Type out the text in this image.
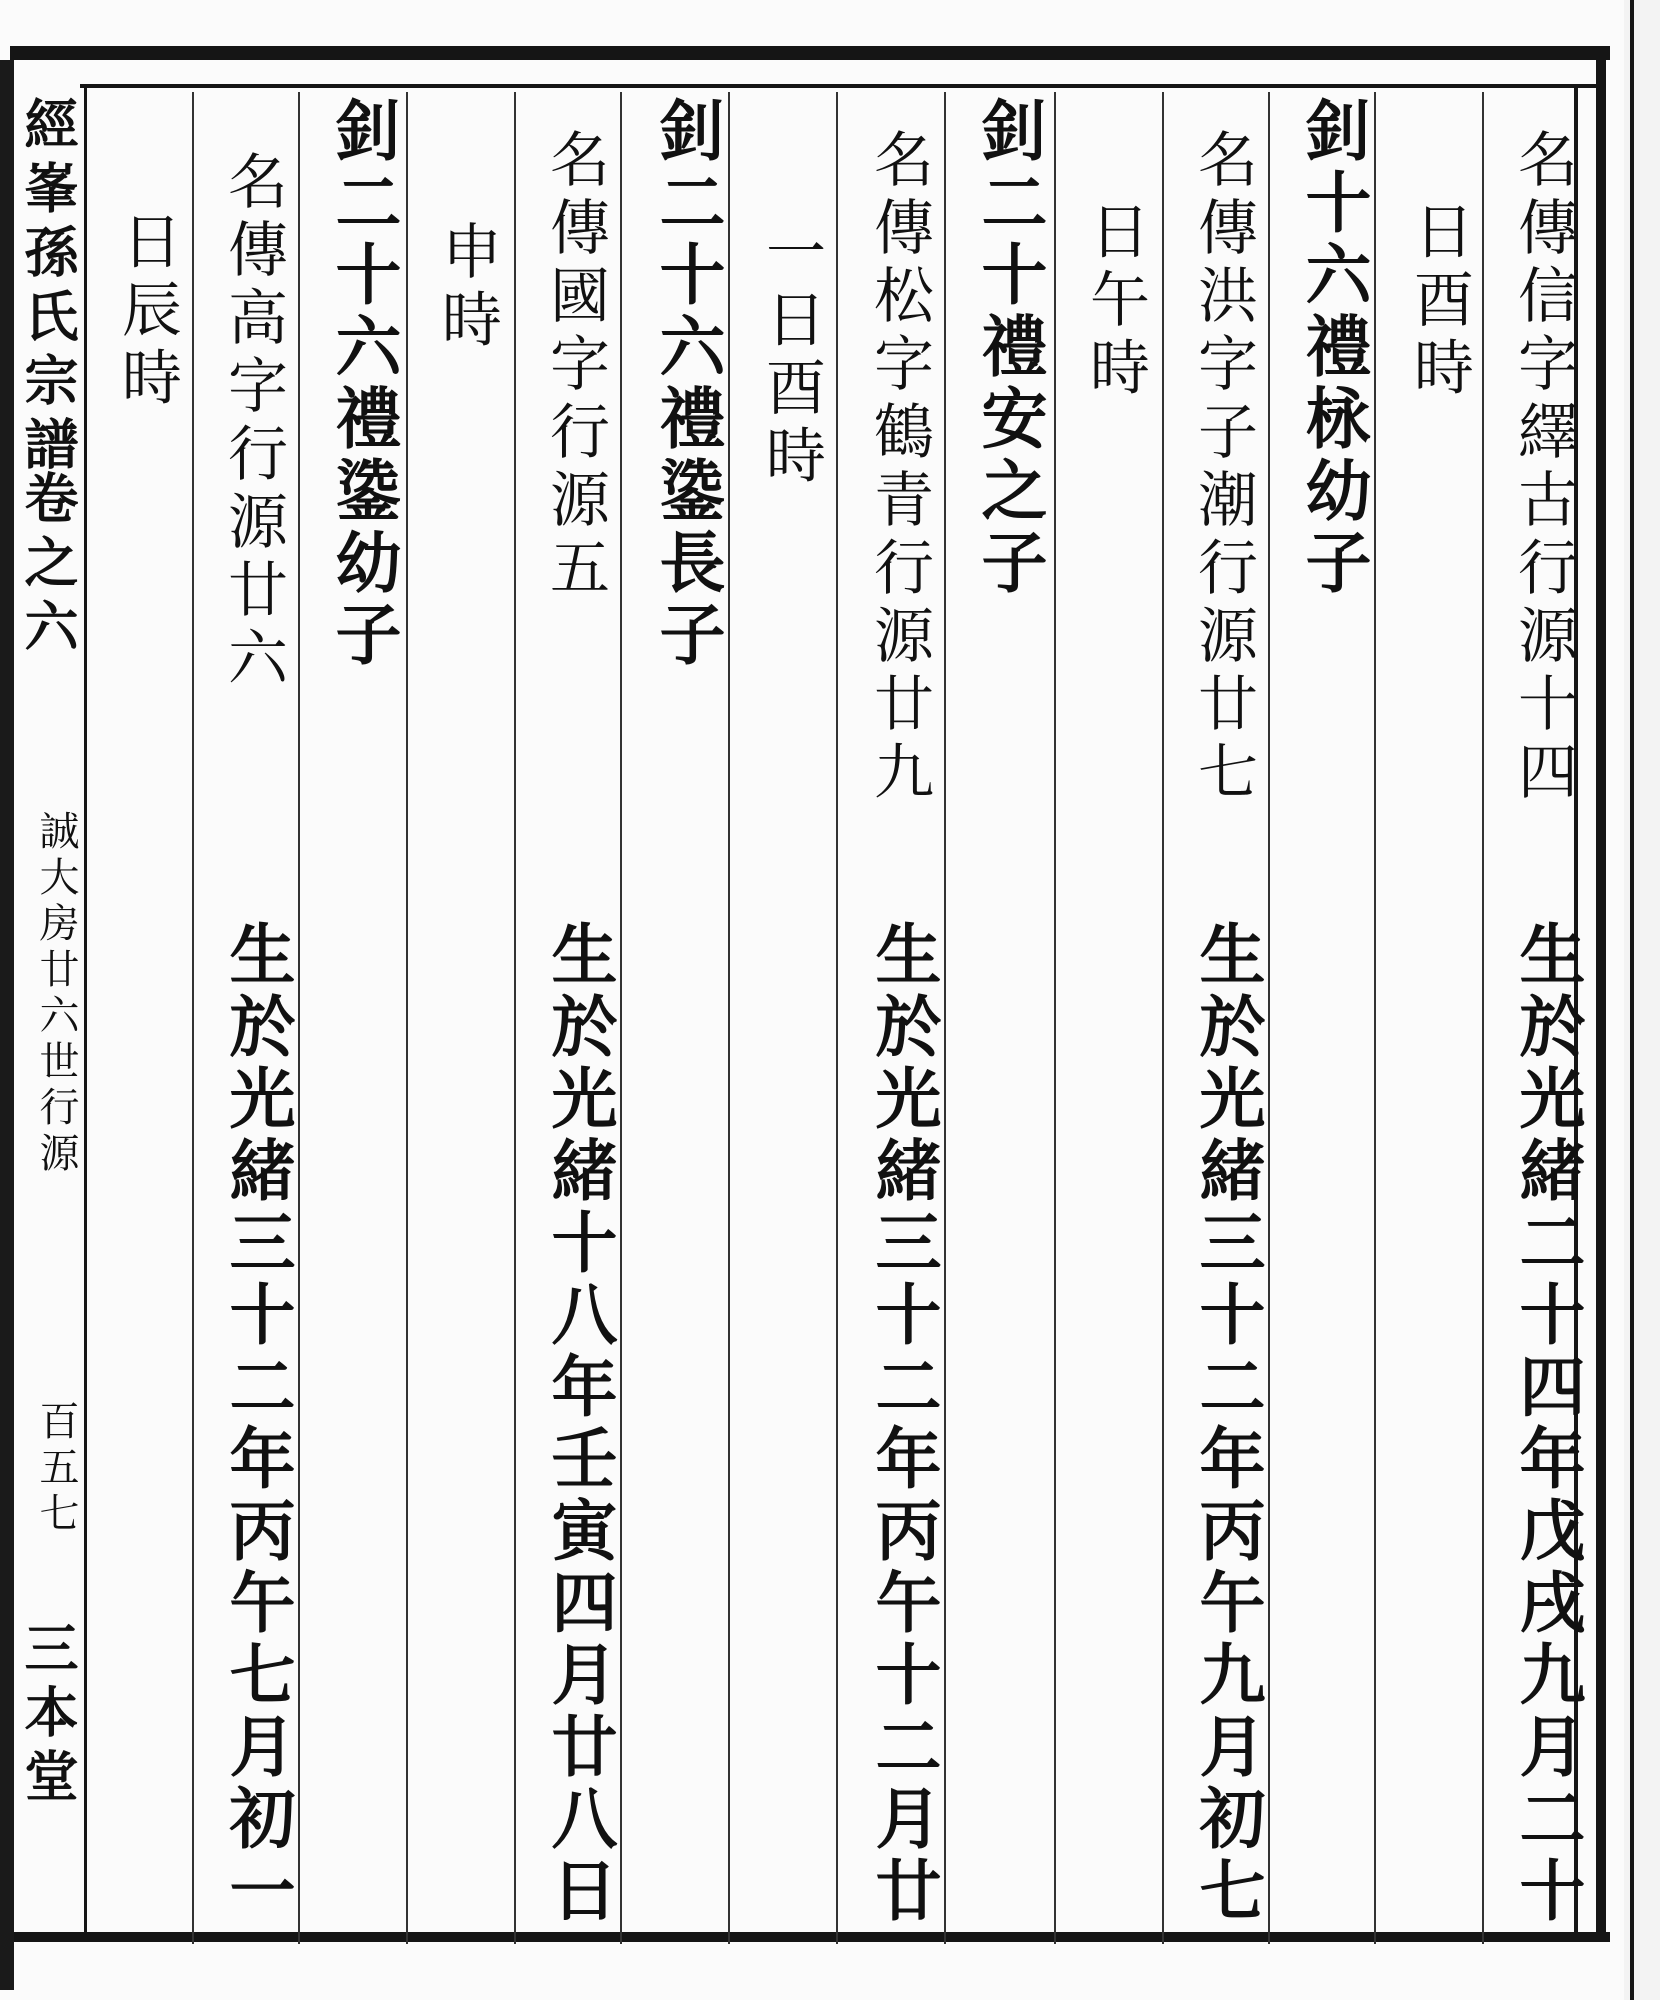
經峯孫氏宗譜
卷之六
誠大房廿六世行源
百五七
三本堂
名傳信字繹古行源十四
生於光緒二十四年戊戌九月二十
日酉時
釗十六禮栐幼子
名傳洪字子潮行源廿七
生於光緒三十二年丙午九月初七
日午時
釗二十禮安之子
名傳松字鶴青行源廿九
生於光緒三十二年丙午十二月廿
一日酉時
釗二十六禮鍌長子
名傳國字行源五
生於光緒十八年壬寅四月廿八日
申時
釗二十六禮鍌幼子
名傳高字行源廿六
生於光緒三十二年丙午七月初一
日辰時
